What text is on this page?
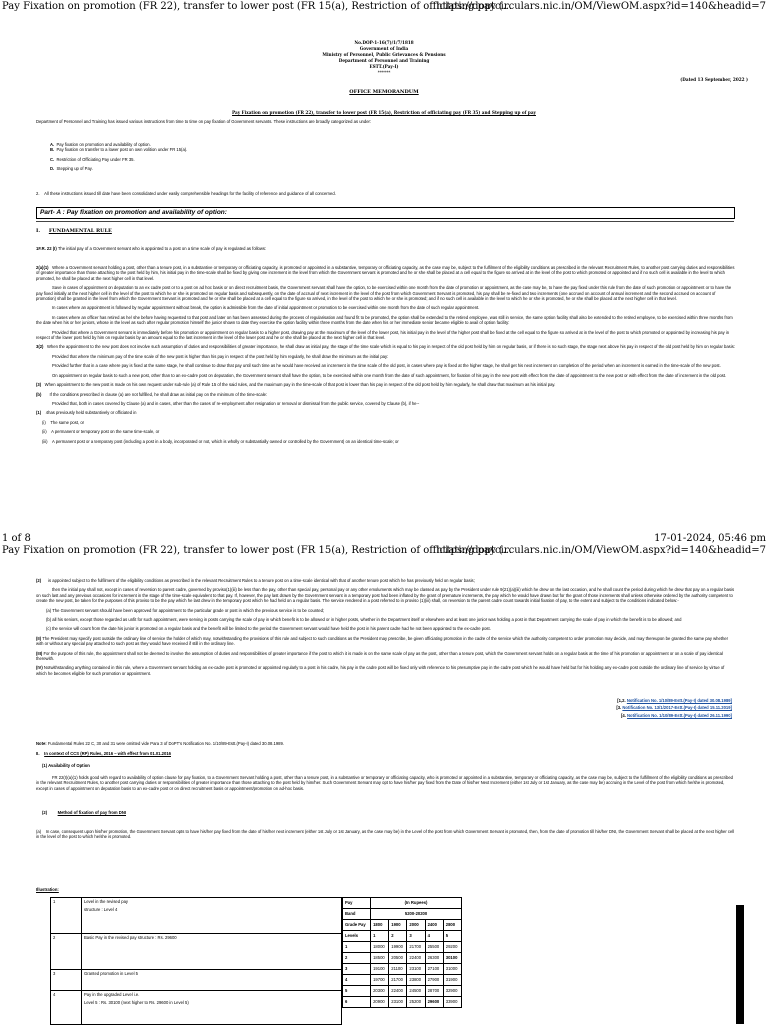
Pay Fixation on promotion (FR 22), transfer to lower post (FR 15(a), Restriction of officiating pay (...
https://doptcirculars.nic.in/OM/ViewOM.aspx?id=140&headid=7
No.DOP-1-16(7)/1/7/1818
Government of India
Ministry of Personnel, Public Grievances & Pensions
Department of Personnel and Training
ESTT.(Pay-I)
******
(Dated 13 September, 2022 )
OFFICE MEMORANDUM
Pay Fixation on promotion (FR 22), transfer to lower post (FR 15(a), Restriction of officiating pay (FR 35) and Stepping up of pay
Department of Personnel and Training has issued various instructions from time to time on pay fixation of Government servants. These instructions are broadly categorized as under:
A. Pay fixation on promotion and availability of option.
B. Pay fixation on transfer to a lower post on own volition under FR 15(a).
C. Restriction of Officiating Pay under FR 35.
D. Stepping up of Pay.
2. All these instructions issued till date have been consolidated under easily comprehensible headings for the facility of reference and guidance of all concerned.
Part- A : Pay fixation on promotion and availability of option:
I. FUNDAMENTAL RULE
1F.R. 22 (I) The initial pay of a Government servant who is appointed to a post on a time scale of pay is regulated as follows:
2(a)(1) Where a Government servant holding a post, other than a tenure post, in a substantive or temporary or officiating capacity, is promoted or appointed in a substantive, temporary or officiating capacity, as the case may be, subject to the fulfilment of the eligibility conditions as prescribed in the relevant Recruitment Rules, to another post carrying duties and responsibilities of greater importance than those attaching to the post held by him, his initial pay in the time-scale shall be fixed by giving one increment in the level from which the Government servant is promoted and he or she shall be placed at a cell equal to the figure so arrived at in the level of the post to which promoted or appointed and if no such cell is available in the level to which promoted, he shall be placed at the next higher cell in that level.
Save in cases of appointment on deputation to an ex cadre post or to a post on ad hoc basis or on direct recruitment basis, the Government servant shall have the option, to be exercised within one month from the date of promotion or appointment, as the case may be, to have the pay fixed under this rule from the date of such promotion or appointment or to have the pay fixed initially at the next higher cell in the level of the post to which he or she is promoted on regular basis and subsequently, on the date of accrual of next increment in the level of the post from which Government Servant is promoted, his pay shall be re-fixed and two increments (one accrued on account of annual increment and the second accrued on account of promotion) shall be granted in the level from which the Government Servant is promoted and he or she shall be placed at a cell equal to the figure so arrived, in the level of the post to which he or she is promoted; and if no such cell is available in the level to which he or she is promoted, he or she shall be placed at the next higher cell in that level.
In cases where an appointment is followed by regular appointment without break, the option is admissible from the date of initial appointment or promotion to be exercised within one month from the date of such regular appointment.
In cases where an officer has retired as he/ she before having requested to that post and later on has been assessed during the process of regularisation and found fit to be promoted, the option shall be extended to the retired employee, was still in service, the same option facility shall also be extended to the retired employee, to be exercised within three months from the date when his or her juniors, whose in the level as such after regular promotion himself the junior shown to date they exercise the option facility within three months from the date when his or her immediate senior became eligible to avail of option facility:
Provided that where a Government servant is immediately before his promotion or appointment on regular basis to a higher post, drawing pay at the maximum of the level of the lower post, his initial pay in the level of the higher post shall be fixed at the cell equal to the figure so arrived at in the level of the post to which promoted or appointed by increasing his pay in respect of the lower post held by him on regular basis by an amount equal to the last increment in the level of the lower post and he or she shall be placed at the next higher cell in that level.
3(2) When the appointment to the new post does not involve such assumption of duties and responsibilities of greater importance, he shall draw as initial pay, the stage of the time scale which is equal to his pay in respect of the old post held by him on regular basis, or if there is no such stage, the stage next above his pay in respect of the old post held by him on regular basis:
Provided that where the minimum pay of the time scale of the new post is higher than his pay in respect of the post held by him regularly, he shall draw the minimum as the initial pay:
Provided further that in a case where pay is fixed at the same stage, he shall continue to draw that pay until such time as he would have received an increment in the time scale of the old post, in cases where pay is fixed at the higher stage, he shall get his next increment on completion of the period when an increment is earned in the time-scale of the new post.
On appointment on regular basis to such a new post, other than to an ex-cadre post on deputation, the Government servant shall have the option, to be exercised within one month from the date of such appointment, for fixation of his pay in the new post with effect from the date of appointment to the new post or with effect from the date of increment in the old post.
(3) When appointment to the new post is made on his own request under sub-rule (a) of Rule 15 of the said rules, and the maximum pay in the time-scale of that post is lower than his pay in respect of the old post held by him regularly, he shall draw that maximum as his initial pay.
(b) If the conditions prescribed in clause (a) are not fulfilled, he shall draw as initial pay on the minimum of the time-scale:
Provided that, both in cases covered by Clause (a) and in cases, other than the cases of re-employment after resignation or removal or dismissal from the public service, covered by Clause (b), if he--
(1) 4has previously held substantively or officiated in
(i) The same post, or
(ii) A permanent or temporary post on the same time-scale, or
(iii) A permanent post or a temporary post (including a post in a body, incorporated or not, which is wholly or substantially owned or controlled by the Government) on an identical time-scale; or
1 of 8	17-01-2024, 05:46 pm
Pay Fixation on promotion (FR 22), transfer to lower post (FR 15(a), Restriction of officiating pay (...
https://doptcirculars.nic.in/OM/ViewOM.aspx?id=140&headid=7
(2) is appointed subject to the fulfilment of the eligibility conditions as prescribed in the relevant Recruitment Rules to a tenure post on a time-scale identical with that of another tenure post which he has previously held on regular basis;
then the initial pay shall not, except in cases of reversion to parent cadre, governed by proviso(1)(iii) be less than the pay, other than special pay, personal pay or any other emoluments which may be classed as pay by the President under rule 9(21)(a)(iii) which he drew on the last occasion, and he shall count the period during which he drew that pay on a regular basis on such last and any previous occasions for increment in the stage of the time-scale equivalent to that pay. If, however, the pay last drawn by the Government servant in a temporary post had been inflated by the grant of premature increments, the pay which he would have drawn but for the grant of those increments shall unless otherwise ordered by the authority competent to create the new post, be taken for the purposes of this proviso to be the pay which he last drew in the temporary post which he had held on a regular basis. The service rendered in a post referred to in proviso (1)(iii) shall, on reversion to the parent cadre count towards initial fixation of pay, to the extent and subject to the conditions indicated below:-
(a) The Government servant should have been approved for appointment to the particular grade or post in which the previous service is to be counted;
(b) all his seniors, except those regarded as unfit for such appointment, were serving in posts carrying the scale of pay in which benefit is to be allowed or in higher posts, whether in the Department itself or elsewhere and at least one junior was holding a post in that Department carrying the scale of pay in which the benefit is to be allowed; and
(c) the service will count from the date his junior is promoted on a regular basis and the benefit will be limited to the period the Government servant would have held the post in his parent cadre had he not been appointed to the ex-cadre post.
(II) The President may specify post outside the ordinary line of service the holder of which may, notwithstanding the provisions of this rule and subject to such conditions as the President may prescribe, be given officiating promotion in the cadre of the service which the authority competent to order promotion may decide, and may thereupon be granted the same pay whether with or without any special pay attached to such post as they would have received if still in the ordinary line.
(III) For the purpose of this rule, the appointment shall not be deemed to involve the assumption of duties and responsibilities of greater importance if the post to which it is made is on the same scale of pay as the post, other than a tenure post, which the Government servant holds on a regular basis at the time of his promotion or appointment or on a scale of pay identical therewith.
(IV) Notwithstanding anything contained in this rule, where a Government servant holding an ex-cadre post is promoted or appointed regularly to a post in his cadre, his pay in the cadre post will be fixed only with reference to his presumptive pay in the cadre post which he would have held but for his holding any ex-cadre post outside the ordinary line of service by virtue of which he becomes eligible for such promotion or appointment.
[1,2. Notification No. 1/10/89-Estt.(Pay-I) dated 30.08.1989]
[3. Notification No. 13/1/2017-Estt.(Pay-I) dated 15.11.2019]
[4. Notification No. 1/10/89-Estt.(Pay-I) dated 26.11.1990]
Note: Fundamental Rules 22 C, 30 and 31 were omitted vide Para 3 of DoPT's Notification No. 1/10/89-Estt.(Pay-I) dated 30.08.1989.
II. In context of CCS (RP) Rules, 2016 – with effect from 01.01.2016
(1) Availability of Option
FR 22(I)(a)(1) holds good with regard to availability of option clause for pay fixation, to a Government Servant holding a post, other than a tenure post, in a substantive or temporary or officiating capacity, who is promoted or appointed in a substantive, temporary or officiating capacity, as the case may be, subject to the fulfillment of the eligibility conditions as prescribed in the relevant Recruitment Rules, to another post carrying duties or responsibilities of greater importance than those attaching to the post held by him/her. Such Government Servant may opt to have his/her pay fixed from the Date of his/her Next Increment (either 1st July or 1st January, as the case may be) accruing in the Level of the post from which he/she is promoted, except in cases of appointment on deputation basis to an ex-cadre post or on direct recruitment basis or appointment/promotion on ad-hoc basis.
(2) Method of fixation of pay from DNI
(a) In case, consequent upon his/her promotion, the Government Servant opts to have his/her pay fixed from the date of his/her next increment (either 1st July or 1st January, as the case may be) in the Level of the post from which Government Servant is promoted, then, from the date of promotion till his/her DNI, the Government Servant shall be placed at the next higher cell in the level of the post to which he/she is promoted.
Illustration:
1	Level in the revised pay
structure : Level 4

2	Basic Pay in the revised pay structure : Rs. 29600
3	Granted promotion in Level 5
4	Pay in the upgraded Level i.e.
Level 5 : Rs. 30100 (next higher to Rs. 29600 in Level 5)
Pay	(In Rupees)				
Band	5200-20200				
Grade Pay	1800	1900	2000	2400	2800
Levels	1	2	3	4	5
1	18000	19900	21700	25500	29200
2	18500	20500	22400	26300	30100
3	19100	21100	23100	27100	31000
4	19700	21700	23800	27900	31900
5	20300	22400	24500	28700	32900
6	20900	23100	25200	29600	33900
